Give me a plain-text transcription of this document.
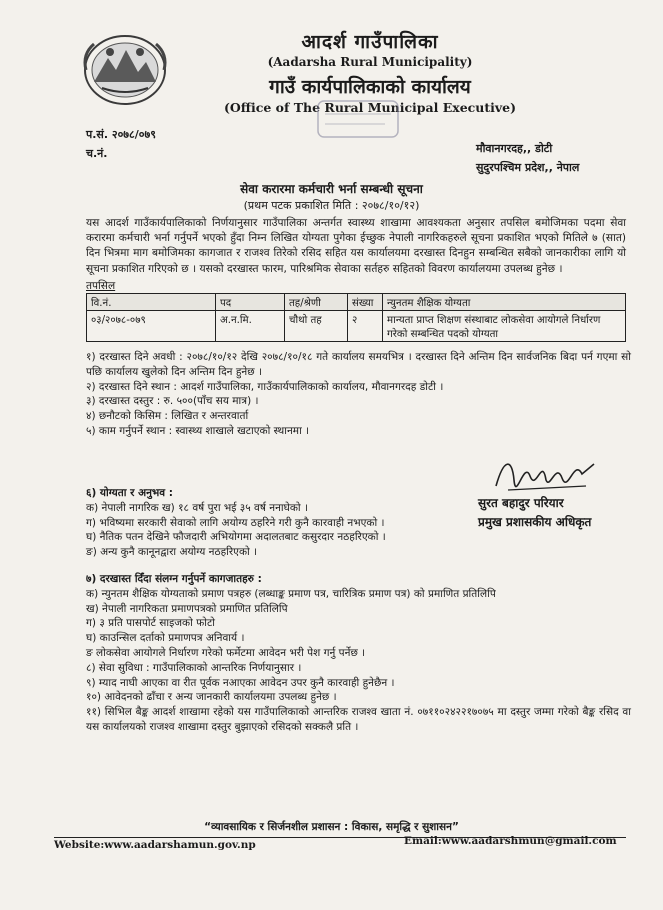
आदर्श गाउँपालिका
(Aadarsha Rural Municipality)
गाउँ कार्यपालिकाको कार्यालय
(Office of The Rural Municipal Executive)
प.सं. २०७८/०७९
च.नं.	मौवानगरदह,, डोटी
सुदुरपश्चिम प्रदेश,, नेपाल
सेवा करारमा कर्मचारी भर्ना सम्बन्धी सूचना
(प्रथम पटक प्रकाशित मिति : २०७८/१०/१२)
यस आदर्श गाउँकार्यपालिकाको निर्णयानुसार गाउँपालिका अन्तर्गत स्वास्थ्य शाखामा आवश्यकता अनुसार तपसिल बमोजिमका पदमा सेवा करारमा कर्मचारी भर्ना गर्नुपर्ने भएको हुँदा निम्न लिखित योग्यता पुगेका ईच्छुक नेपाली नागरिकहरुले सूचना प्रकाशित भएको मितिले ७ (सात) दिन भित्रमा माग बमोजिमका कागजात र राजश्व तिरेको रसिद सहित यस कार्यालयमा दरखास्त दिनहुन सम्बन्धित सबैको जानकारीका लागि यो सूचना प्रकाशित गरिएको छ । यसको दरखास्त फारम, पारिश्रमिक सेवाका सर्तहरु सहितको विवरण कार्यालयमा उपलब्ध हुनेछ ।
तपसिल
वि.नं.	पद	तह/श्रेणी	संख्या	न्युनतम शैक्षिक योग्यता
०३/२०७८-०७९	अ.न.मि.	चौथो तह	२	मान्यता प्राप्त शिक्षण संस्थाबाट लोकसेवा आयोगले निर्धारण गरेको सम्बन्धित पदको योग्यता
१) दरखास्त दिने अवधी : २०७८/१०/१२ देखि २०७८/१०/१८ गते कार्यालय समयभित्र । दरखास्त दिने अन्तिम दिन सार्वजनिक बिदा पर्न गएमा सो पछि कार्यालय खुलेको दिन अन्तिम दिन हुनेछ ।
२) दरखास्त दिने स्थान : आदर्श गाउँपालिका, गाउँकार्यपालिकाको कार्यालय, मौवानगरदह डोटी ।
३) दरखास्त दस्तुर : रु. ५००(पाँच सय मात्र) ।
४) छनौटको किसिम : लिखित र अन्तरवार्ता
५) काम गर्नुपर्ने स्थान : स्वास्थ्य शाखाले खटाएको स्थानमा ।
सुरत बहादुर परियार
प्रमुख प्रशासकीय अधिकृत
६) योग्यता र अनुभव :
क) नेपाली नागरिक ख) १८ वर्ष पुरा भई ३५ वर्ष ननाघेको ।
ग) भविष्यमा सरकारी सेवाको लागि अयोग्य ठहरिने गरी कुनै कारवाही नभएको ।
घ) नैतिक पतन देखिने फौजदारी अभियोगमा अदालतबाट कसुरदार नठहरिएको ।
ङ) अन्य कुनै कानूनद्वारा अयोग्य नठहरिएको ।
७) दरखास्त दिँदा संलग्न गर्नुपर्ने कागजातहरु :
क) न्युनतम शैक्षिक योग्यताको प्रमाण पत्रहरु (लब्धाङ्क प्रमाण पत्र, चारित्रिक प्रमाण पत्र) को प्रमाणित प्रतिलिपि
ख) नेपाली नागरिकता प्रमाणपत्रको प्रमाणित प्रतिलिपि
ग) ३ प्रति पासपोर्ट साइजको फोटो
घ) काउन्सिल दर्ताको प्रमाणपत्र अनिवार्य ।
ङ लोकसेवा आयोगले निर्धारण गरेको फर्मेटमा आवेदन भरी पेश गर्नु पर्नेछ ।
८) सेवा सुविधा : गाउँपालिकाको आन्तरिक निर्णयानुसार ।
९) म्याद नाघी आएका वा रीत पूर्वक नआएका आवेदन उपर कुनै कारवाही हुनेछैन ।
१०) आवेदनको ढाँचा र अन्य जानकारी कार्यालयमा उपलब्ध हुनेछ ।
११) सिभिल बैङ्क आदर्श शाखामा रहेको यस गाउँपालिकाको आन्तरिक राजश्व खाता नं. ०७११०२४२२१७०७५ मा दस्तुर जम्मा गरेको बैङ्क रसिद वा यस कार्यालयको राजश्व शाखामा दस्तुर बुझाएको रसिदको सक्कलै प्रति ।
“व्यावसायिक र सिर्जनशील प्रशासन : विकास, समृद्धि र सुशासन”
Website:www.aadarshamun.gov.np	Email:www.aadarshmun@gmail.com
